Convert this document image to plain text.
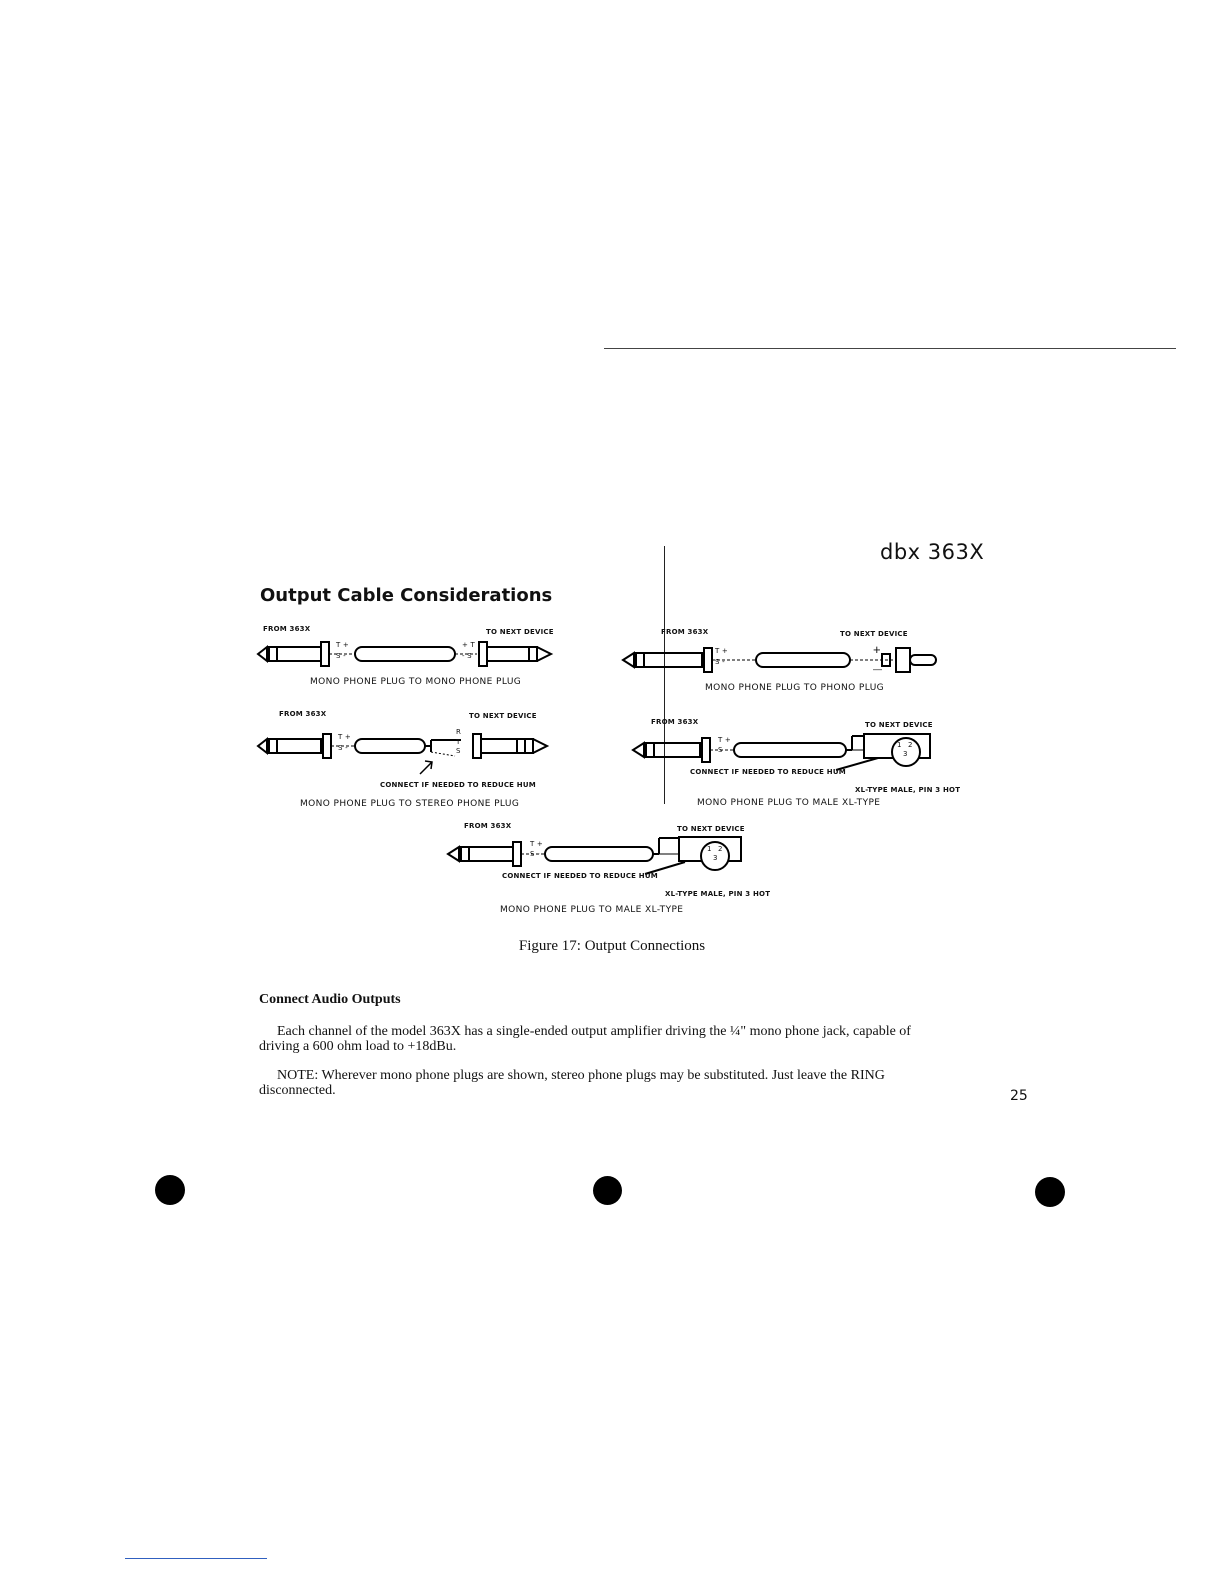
dbx 363X
Output Cable Considerations
FROM 363X	TO NEXT DEVICE
T +
S -
+ T
- S
MONO PHONE PLUG TO MONO PHONE PLUG
FROM 363X	TO NEXT DEVICE
T +
S -
R
T
S
CONNECT IF NEEDED TO REDUCE HUM
MONO PHONE PLUG TO STEREO PHONE PLUG
FROM 363X	TO NEXT DEVICE
T +
S -
+
—
MONO PHONE PLUG TO PHONO PLUG
FROM 363X	TO NEXT DEVICE
T +
S -
1 2
3
CONNECT IF NEEDED TO REDUCE HUM
XL-TYPE MALE, PIN 3 HOT
MONO PHONE PLUG TO MALE XL-TYPE
FROM 363X	TO NEXT DEVICE
T +
S -
1 2
3
CONNECT IF NEEDED TO REDUCE HUM
XL-TYPE MALE, PIN 3 HOT
MONO PHONE PLUG TO MALE XL-TYPE
Figure 17: Output Connections
Connect Audio Outputs
Each channel of the model 363X has a single-ended output amplifier driving the ¼" mono phone jack, capable of driving a 600 ohm load to +18dBu.
NOTE: Wherever mono phone plugs are shown, stereo phone plugs may be substituted. Just leave the RING disconnected.	25
